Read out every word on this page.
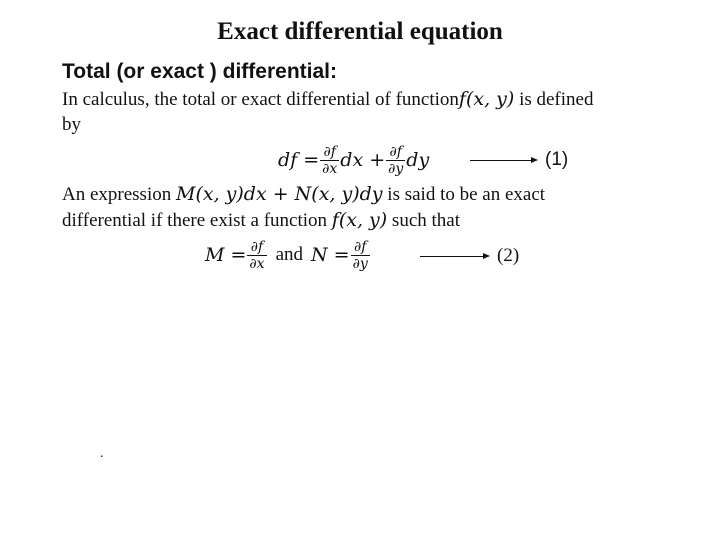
Exact differential equation
Total (or exact ) differential:
In calculus, the total or exact differential of functionf(x, y) is defined
by
df = $\frac{\partial f}{\partial x}$ dx + $\frac{\partial f}{\partial y}$ dy	(1)
An expression M(x, y)dx + N(x, y)dy is said to be an exact
differential if there exist a function f(x, y) such that
$M = \frac{\partial f}{\partial x}$ and $N = \frac{\partial f}{\partial y}$	(2)
.
